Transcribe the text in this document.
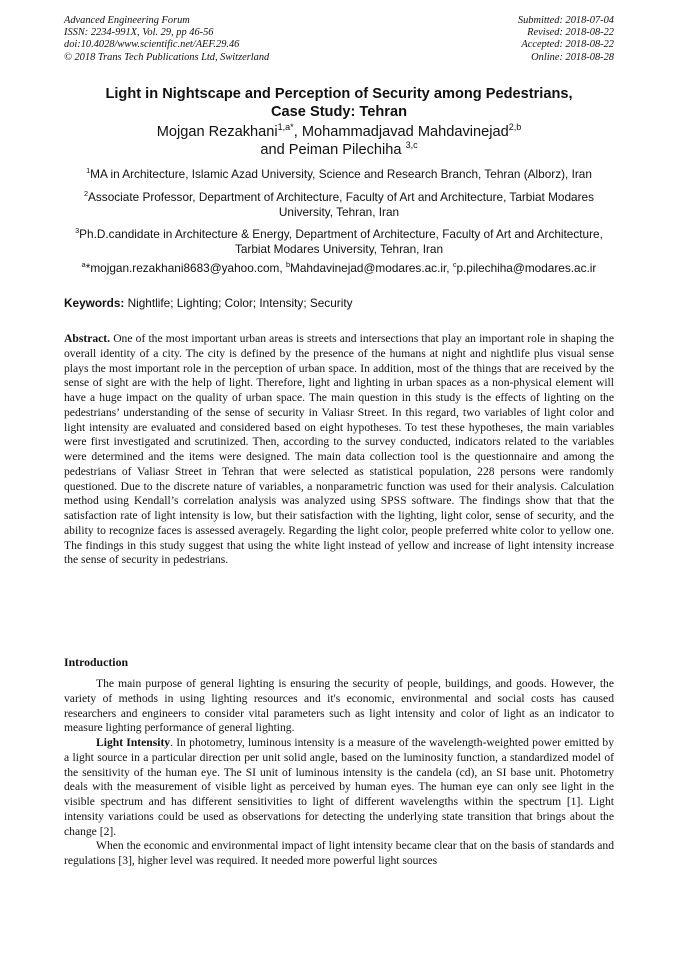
Advanced Engineering Forum
ISSN: 2234-991X, Vol. 29, pp 46-56
doi:10.4028/www.scientific.net/AEF.29.46
© 2018 Trans Tech Publications Ltd, Switzerland
Submitted: 2018-07-04
Revised: 2018-08-22
Accepted: 2018-08-22
Online: 2018-08-28
Light in Nightscape and Perception of Security among Pedestrians,
Case Study: Tehran
Mojgan Rezakhani$^{1,a*}$, Mohammadjavad Mahdavinejad$^{2,b}$
and Peiman Pilechiha $^{3,c}$
$^1$MA in Architecture, Islamic Azad University, Science and Research Branch, Tehran (Alborz), Iran
$^2$Associate Professor, Department of Architecture, Faculty of Art and Architecture, Tarbiat Modares University, Tehran, Iran
$^3$Ph.D.candidate in Architecture & Energy, Department of Architecture, Faculty of Art and Architecture, Tarbiat Modares University, Tehran, Iran
$^a$*mojgan.rezakhani8683@yahoo.com, $^b$Mahdavinejad@modares.ac.ir, $^c$p.pilechiha@modares.ac.ir
Keywords: Nightlife; Lighting; Color; Intensity; Security
Abstract. One of the most important urban areas is streets and intersections that play an important role in shaping the overall identity of a city. The city is defined by the presence of the humans at night and nightlife plus visual sense plays the most important role in the perception of urban space. In addition, most of the things that are received by the sense of sight are with the help of light. Therefore, light and lighting in urban spaces as a non-physical element will have a huge impact on the quality of urban space. The main question in this study is the effects of lighting on the pedestrians’ understanding of the sense of security in Valiasr Street. In this regard, two variables of light color and light intensity are evaluated and considered based on eight hypotheses. To test these hypotheses, the main variables were first investigated and scrutinized. Then, according to the survey conducted, indicators related to the variables were determined and the items were designed. The main data collection tool is the questionnaire and among the pedestrians of Valiasr Street in Tehran that were selected as statistical population, 228 persons were randomly questioned. Due to the discrete nature of variables, a nonparametric function was used for their analysis. Calculation method using Kendall’s correlation analysis was analyzed using SPSS software. The findings show that that the satisfaction rate of light intensity is low, but their satisfaction with the lighting, light color, sense of security, and the ability to recognize faces is assessed averagely. Regarding the light color, people preferred white color to yellow one. The findings in this study suggest that using the white light instead of yellow and increase of light intensity increase the sense of security in pedestrians.
Introduction

The main purpose of general lighting is ensuring the security of people, buildings, and goods. However, the variety of methods in using lighting resources and it's economic, environmental and social costs has caused researchers and engineers to consider vital parameters such as light intensity and color of light as an indicator to measure lighting performance of general lighting.

Light Intensity. In photometry, luminous intensity is a measure of the wavelength-weighted power emitted by a light source in a particular direction per unit solid angle, based on the luminosity function, a standardized model of the sensitivity of the human eye. The SI unit of luminous intensity is the candela (cd), an SI base unit. Photometry deals with the measurement of visible light as perceived by human eyes. The human eye can only see light in the visible spectrum and has different sensitivities to light of different wavelengths within the spectrum [1]. Light intensity variations could be used as observations for detecting the underlying state transition that brings about the change [2].

When the economic and environmental impact of light intensity became clear that on the basis of standards and regulations [3], higher level was required. It needed more powerful light sources
